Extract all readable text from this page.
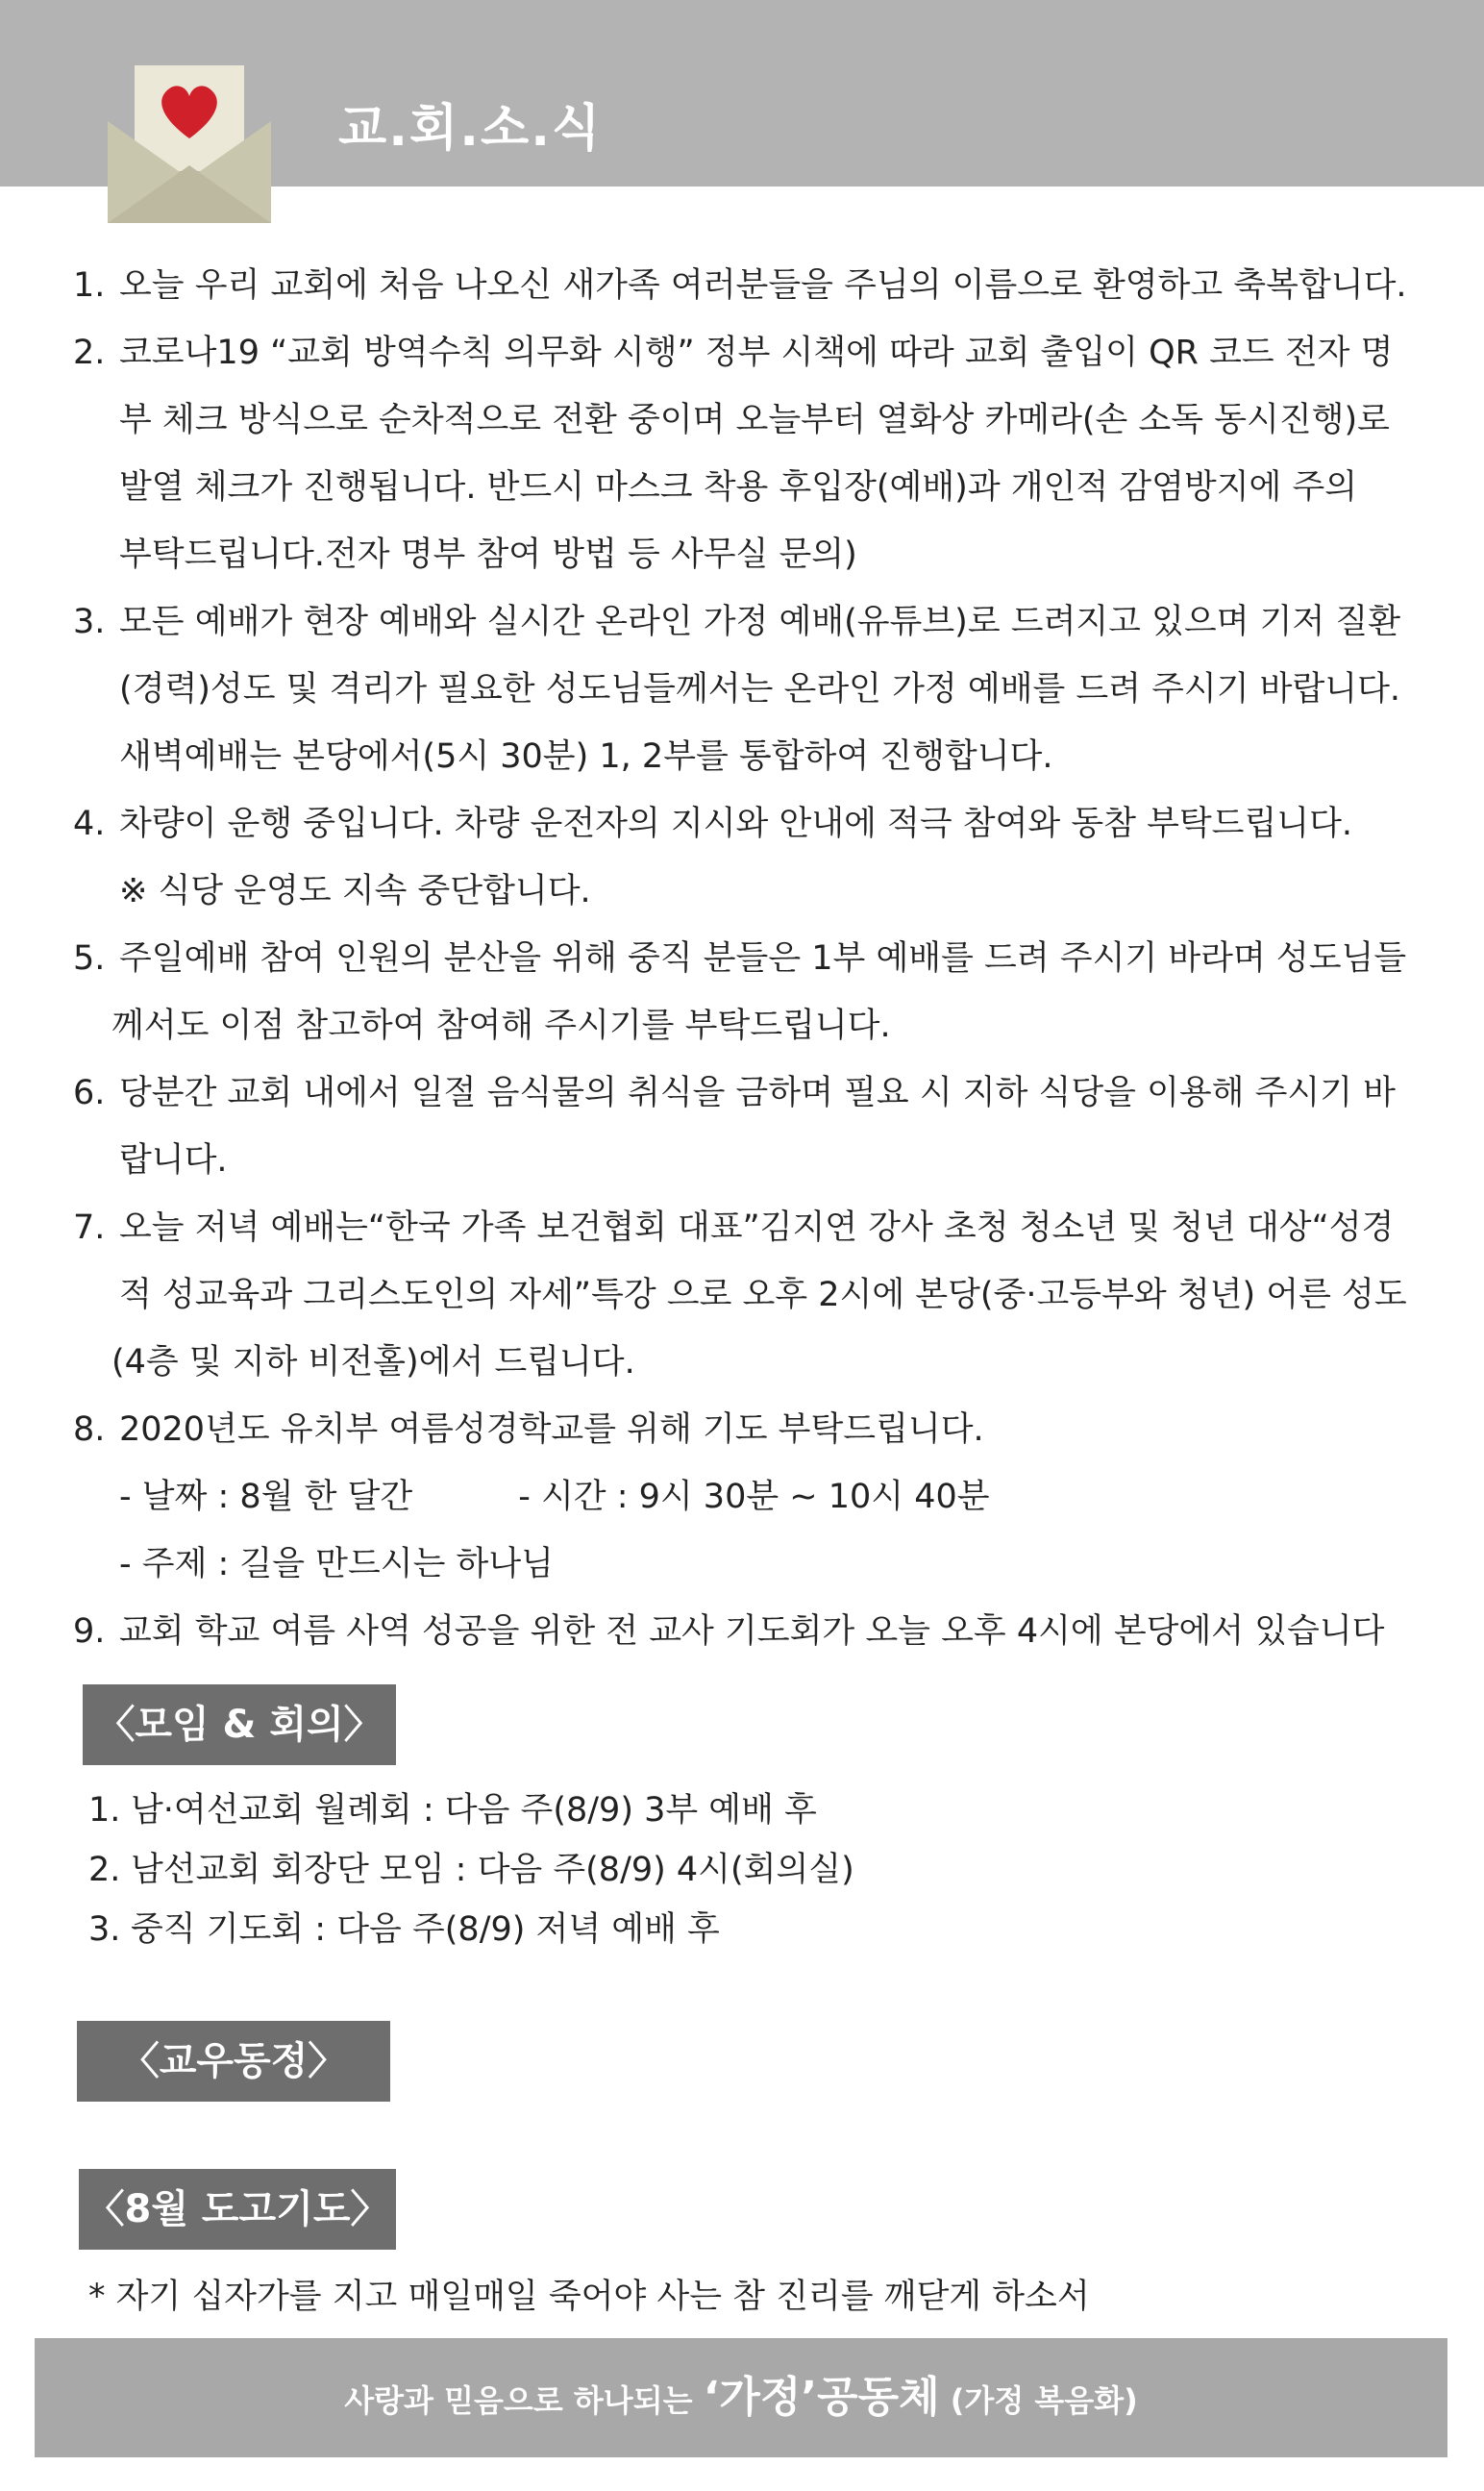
교.회.소.식
1. 오늘 우리 교회에 처음 나오신 새가족 여러분들을 주님의 이름으로 환영하고 축복합니다.
2. 코로나19 “교회 방역수칙 의무화 시행” 정부 시책에 따라 교회 출입이 QR 코드 전자 명
부 체크 방식으로 순차적으로 전환 중이며 오늘부터 열화상 카메라(손 소독 동시진행)로
발열 체크가 진행됩니다. 반드시 마스크 착용 후입장(예배)과 개인적 감염방지에 주의
부탁드립니다.전자 명부 참여 방법 등 사무실 문의)
3. 모든 예배가 현장 예배와 실시간 온라인 가정 예배(유튜브)로 드려지고 있으며 기저 질환
(경력)성도 및 격리가 필요한 성도님들께서는 온라인 가정 예배를 드려 주시기 바랍니다.
새벽예배는 본당에서(5시 30분) 1, 2부를 통합하여 진행합니다.
4. 차량이 운행 중입니다. 차량 운전자의 지시와 안내에 적극 참여와 동참 부탁드립니다.
※ 식당 운영도 지속 중단합니다.
5. 주일예배 참여 인원의 분산을 위해 중직 분들은 1부 예배를 드려 주시기 바라며 성도님들
께서도 이점 참고하여 참여해 주시기를 부탁드립니다.
6. 당분간 교회 내에서 일절 음식물의 취식을 금하며 필요 시 지하 식당을 이용해 주시기 바
랍니다.
7. 오늘 저녁 예배는“한국 가족 보건협회 대표”김지연 강사 초청 청소년 및 청년 대상“성경
적 성교육과 그리스도인의 자세”특강 으로 오후 2시에 본당(중·고등부와 청년) 어른 성도
(4층 및 지하 비전홀)에서 드립니다.
8. 2020년도 유치부 여름성경학교를 위해 기도 부탁드립니다.
- 날짜 : 8월 한 달간	- 시간 : 9시 30분 ~ 10시 40분
- 주제 : 길을 만드시는 하나님
9. 교회 학교 여름 사역 성공을 위한 전 교사 기도회가 오늘 오후 4시에 본당에서 있습니다
〈모임 & 회의〉
1. 남·여선교회 월례회 : 다음 주(8/9) 3부 예배 후
2. 남선교회 회장단 모임 : 다음 주(8/9) 4시(회의실)
3. 중직 기도회 : 다음 주(8/9) 저녁 예배 후
〈교우동정〉
〈8월 도고기도〉
* 자기 십자가를 지고 매일매일 죽어야 사는 참 진리를 깨닫게 하소서
사랑과 믿음으로 하나되는 ‘가정’공동체 (가정 복음화)
